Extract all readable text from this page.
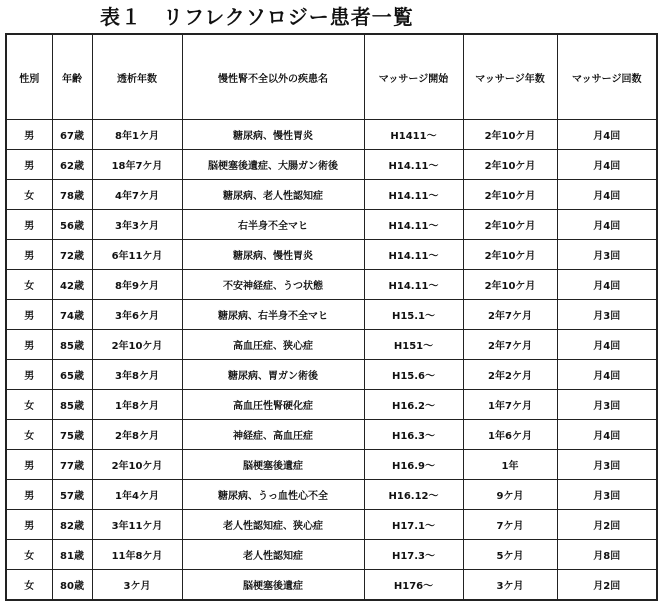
表１　リフレクソロジー患者一覧
性別	年齢	透析年数	慢性腎不全以外の疾患名	マッサージ開始	マッサージ年数	マッサージ回数
男	67歳	8年1ケ月	糖尿病、慢性胃炎	H1411～	2年10ケ月	月4回
男	62歳	18年7ケ月	脳梗塞後遺症、大腸ガン術後	H14.11～	2年10ケ月	月4回
女	78歳	4年7ケ月	糖尿病、老人性認知症	H14.11～	2年10ケ月	月4回
男	56歳	3年3ケ月	右半身不全マヒ	H14.11～	2年10ケ月	月4回
男	72歳	6年11ケ月	糖尿病、慢性胃炎	H14.11～	2年10ケ月	月3回
女	42歳	8年9ケ月	不安神経症、うつ状態	H14.11～	2年10ケ月	月4回
男	74歳	3年6ケ月	糖尿病、右半身不全マヒ	H15.1～	2年7ケ月	月3回
男	85歳	2年10ケ月	高血圧症、狭心症	H151～	2年7ケ月	月4回
男	65歳	3年8ケ月	糖尿病、胃ガン術後	H15.6～	2年2ケ月	月4回
女	85歳	1年8ケ月	高血圧性腎硬化症	H16.2～	1年7ケ月	月3回
女	75歳	2年8ケ月	神経症、高血圧症	H16.3～	1年6ケ月	月4回
男	77歳	2年10ケ月	脳梗塞後遺症	H16.9～	1年	月3回
男	57歳	1年4ケ月	糖尿病、うっ血性心不全	H16.12～	9ケ月	月3回
男	82歳	3年11ケ月	老人性認知症、狭心症	H17.1～	7ケ月	月2回
女	81歳	11年8ケ月	老人性認知症	H17.3～	5ケ月	月8回
女	80歳	3ケ月	脳梗塞後遺症	H176～	3ケ月	月2回
